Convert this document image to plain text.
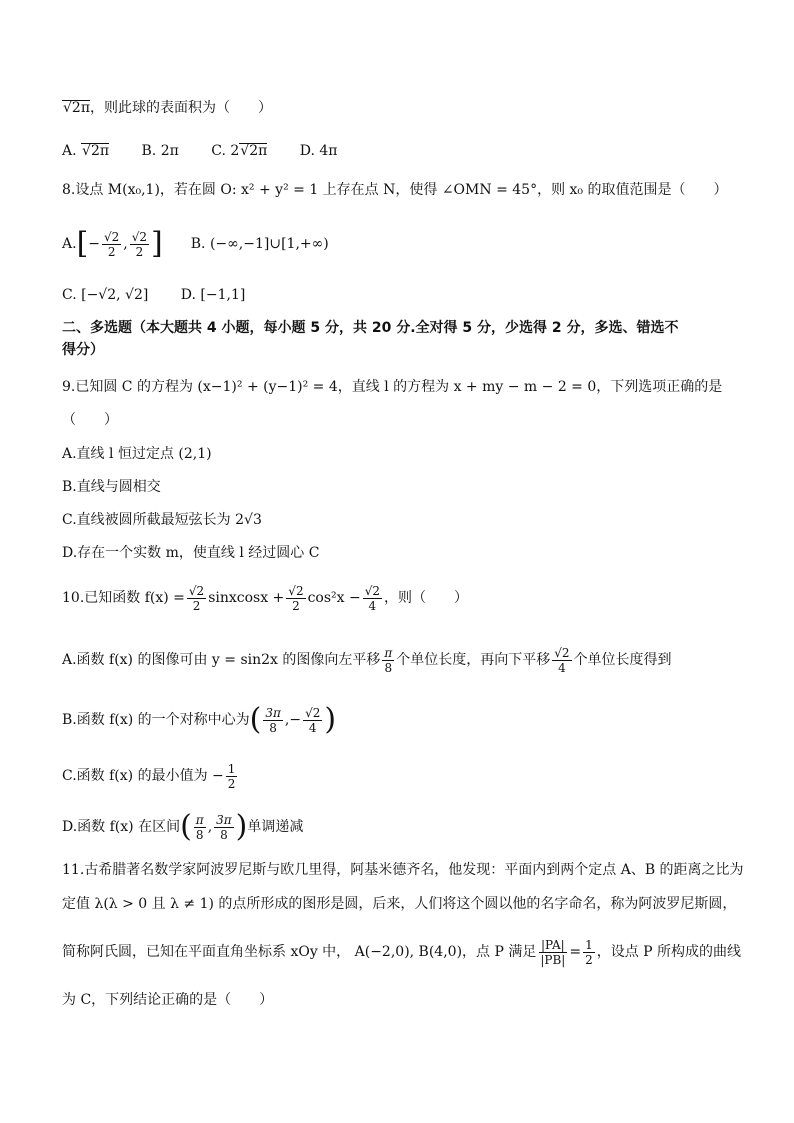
√ 2π，则此球的表面积为（　　）
A. √ 2π B. 2π C. 2√ 2π D. 4π
8.设点 M(x₀,1)，若在圆 O: x² + y² = 1 上存在点 N，使得 ∠OMN = 45°，则 x₀ 的取值范围是（　　）
A. [ − $\frac{√2}{2}$ , $\frac{√2}{2}$ ] B. (−∞,−1]∪[1,+∞)
C. [−√2, √2] D. [−1,1]
二、多选题（本大题共 4 小题，每小题 5 分，共 20 分.全对得 5 分，少选得 2 分，多选、错选不
得分）
9.已知圆 C 的方程为 (x−1)² + (y−1)² = 4，直线 l 的方程为 x + my − m − 2 = 0，下列选项正确的是
（　　）
A.直线 l 恒过定点 (2,1)
B.直线与圆相交
C.直线被圆所截最短弦长为 2√3
D.存在一个实数 m，使直线 l 经过圆心 C
10.已知函数 $f(x) = \frac{√2}{2}$ sinxcosx + $\frac{√2}{2} \cos^2x - \frac{√2}{4}$ ，则（　　）
A.函数 f(x) 的图像可由 y = sin2x 的图像向左平移 $\frac{\pi}{8}$ 个单位长度，再向下平移 $\frac{√2}{4}$ 个单位长度得到
B.函数 f(x) 的一个对称中心为 ( $\frac{3\pi}{8}$ , − $\frac{√2}{4}$ )
C.函数 f(x) 的最小值为 − $\frac{1}{2}$
D.函数 f(x) 在区间 ( $\frac{\pi}{8}$ , $\frac{3\pi}{8}$ ) 单调递减
11.古希腊著名数学家阿波罗尼斯与欧几里得，阿基米德齐名，他发现：平面内到两个定点 A、B 的距离之比为
定值 λ(λ > 0 且 λ ≠ 1) 的点所形成的图形是圆，后来，人们将这个圆以他的名字命名，称为阿波罗尼斯圆，
简称阿氏圆，已知在平面直角坐标系 xOy 中， A(−2,0), B(4,0)，点 P 满足 $\frac{|PA|}{|PB|} = \frac{1}{2}$ ，设点 P 所构成的曲线
为 C，下列结论正确的是（　　）
